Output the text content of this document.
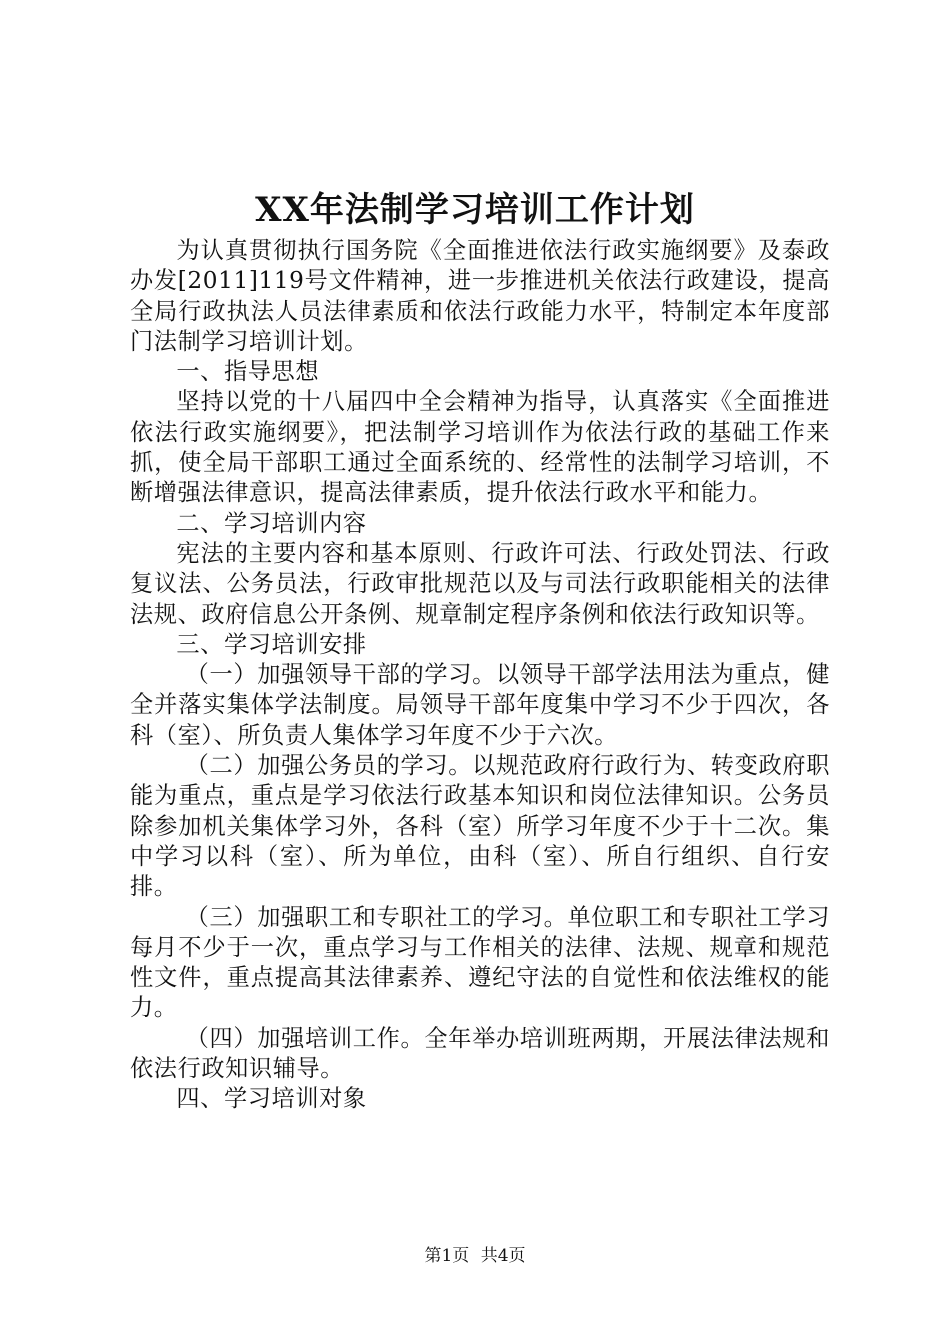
XX年法制学习培训工作计划

为认真贯彻执行国务院《全面推进依法行政实施纲要》及泰政办发[2011]119号文件精神，进一步推进机关依法行政建设，提高全局行政执法人员法律素质和依法行政能力水平，特制定本年度部门法制学习培训计划。

一、指导思想

坚持以党的十八届四中全会精神为指导，认真落实《全面推进依法行政实施纲要》，把法制学习培训作为依法行政的基础工作来抓，使全局干部职工通过全面系统的、经常性的法制学习培训，不断增强法律意识，提高法律素质，提升依法行政水平和能力。

二、学习培训内容

宪法的主要内容和基本原则、行政许可法、行政处罚法、行政复议法、公务员法，行政审批规范以及与司法行政职能相关的法律法规、政府信息公开条例、规章制定程序条例和依法行政知识等。

三、学习培训安排

（一）加强领导干部的学习。以领导干部学法用法为重点，健全并落实集体学法制度。局领导干部年度集中学习不少于四次，各科（室）、所负责人集体学习年度不少于六次。

（二）加强公务员的学习。以规范政府行政行为、转变政府职能为重点，重点是学习依法行政基本知识和岗位法律知识。公务员除参加机关集体学习外，各科（室）所学习年度不少于十二次。集中学习以科（室）、所为单位，由科（室）、所自行组织、自行安排。

（三）加强职工和专职社工的学习。单位职工和专职社工学习每月不少于一次，重点学习与工作相关的法律、法规、规章和规范性文件，重点提高其法律素养、遵纪守法的自觉性和依法维权的能力。

（四）加强培训工作。全年举办培训班两期，开展法律法规和依法行政知识辅导。

四、学习培训对象

第1页 共4页
